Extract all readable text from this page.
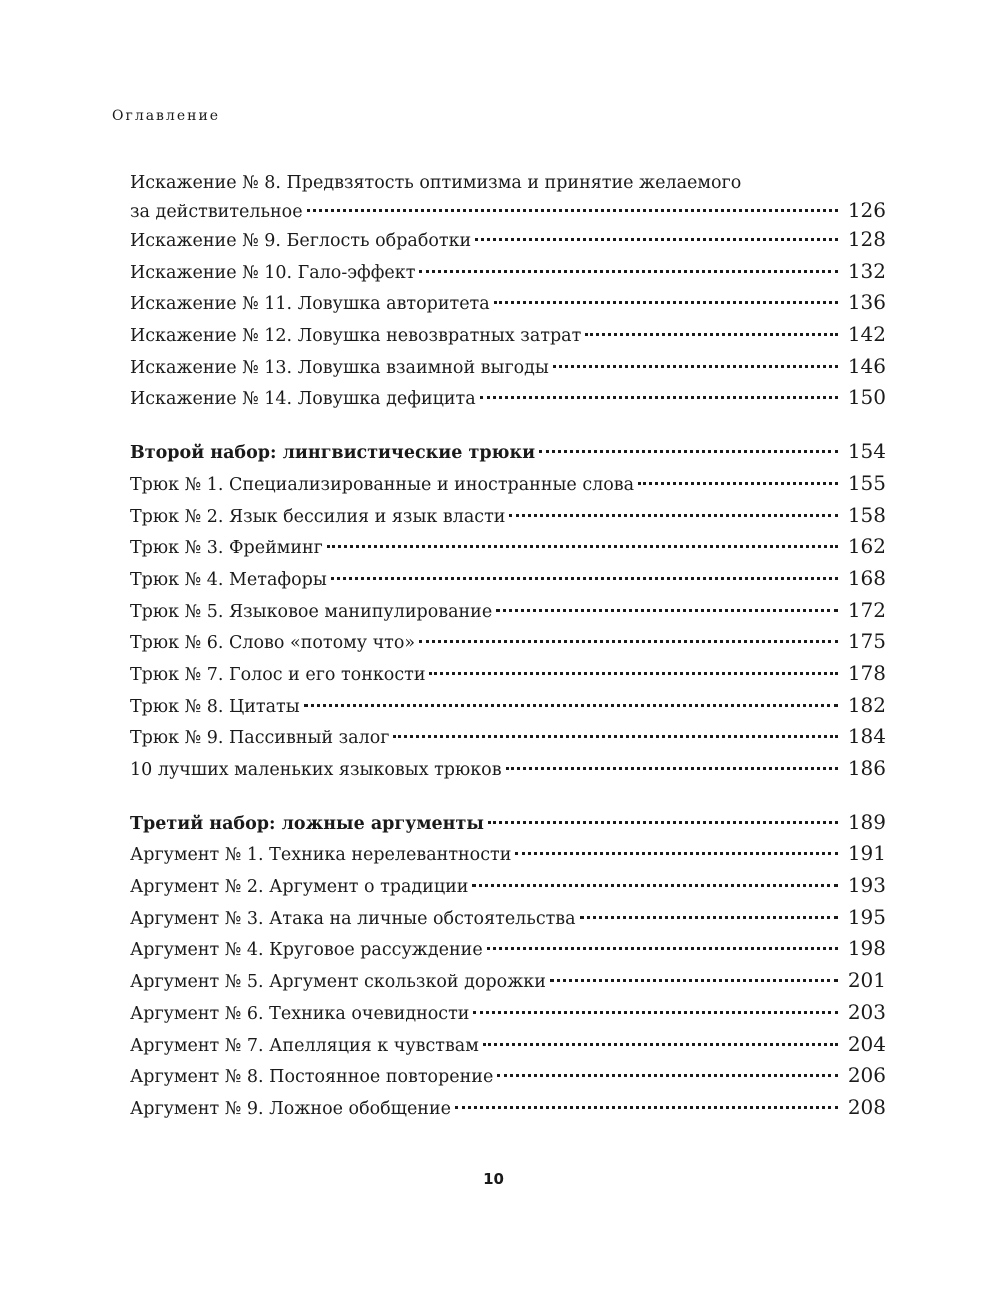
Оглавление
Искажение № 8. Предвзятость оптимизма и принятие желаемого
за действительное	126
Искажение № 9. Беглость обработки	128
Искажение № 10. Гало-эффект	132
Искажение № 11. Ловушка авторитета	136
Искажение № 12. Ловушка невозвратных затрат	142
Искажение № 13. Ловушка взаимной выгоды	146
Искажение № 14. Ловушка дефицита	150
Второй набор: лингвистические трюки	154
Трюк № 1. Специализированные и иностранные слова	155
Трюк № 2. Язык бессилия и язык власти	158
Трюк № 3. Фрейминг	162
Трюк № 4. Метафоры	168
Трюк № 5. Языковое манипулирование	172
Трюк № 6. Слово «потому что»	175
Трюк № 7. Голос и его тонкости	178
Трюк № 8. Цитаты	182
Трюк № 9. Пассивный залог	184
10 лучших маленьких языковых трюков	186
Третий набор: ложные аргументы	189
Аргумент № 1. Техника нерелевантности	191
Аргумент № 2. Аргумент о традиции	193
Аргумент № 3. Атака на личные обстоятельства	195
Аргумент № 4. Круговое рассуждение	198
Аргумент № 5. Аргумент скользкой дорожки	201
Аргумент № 6. Техника очевидности	203
Аргумент № 7. Апелляция к чувствам	204
Аргумент № 8. Постоянное повторение	206
Аргумент № 9. Ложное обобщение	208
10
